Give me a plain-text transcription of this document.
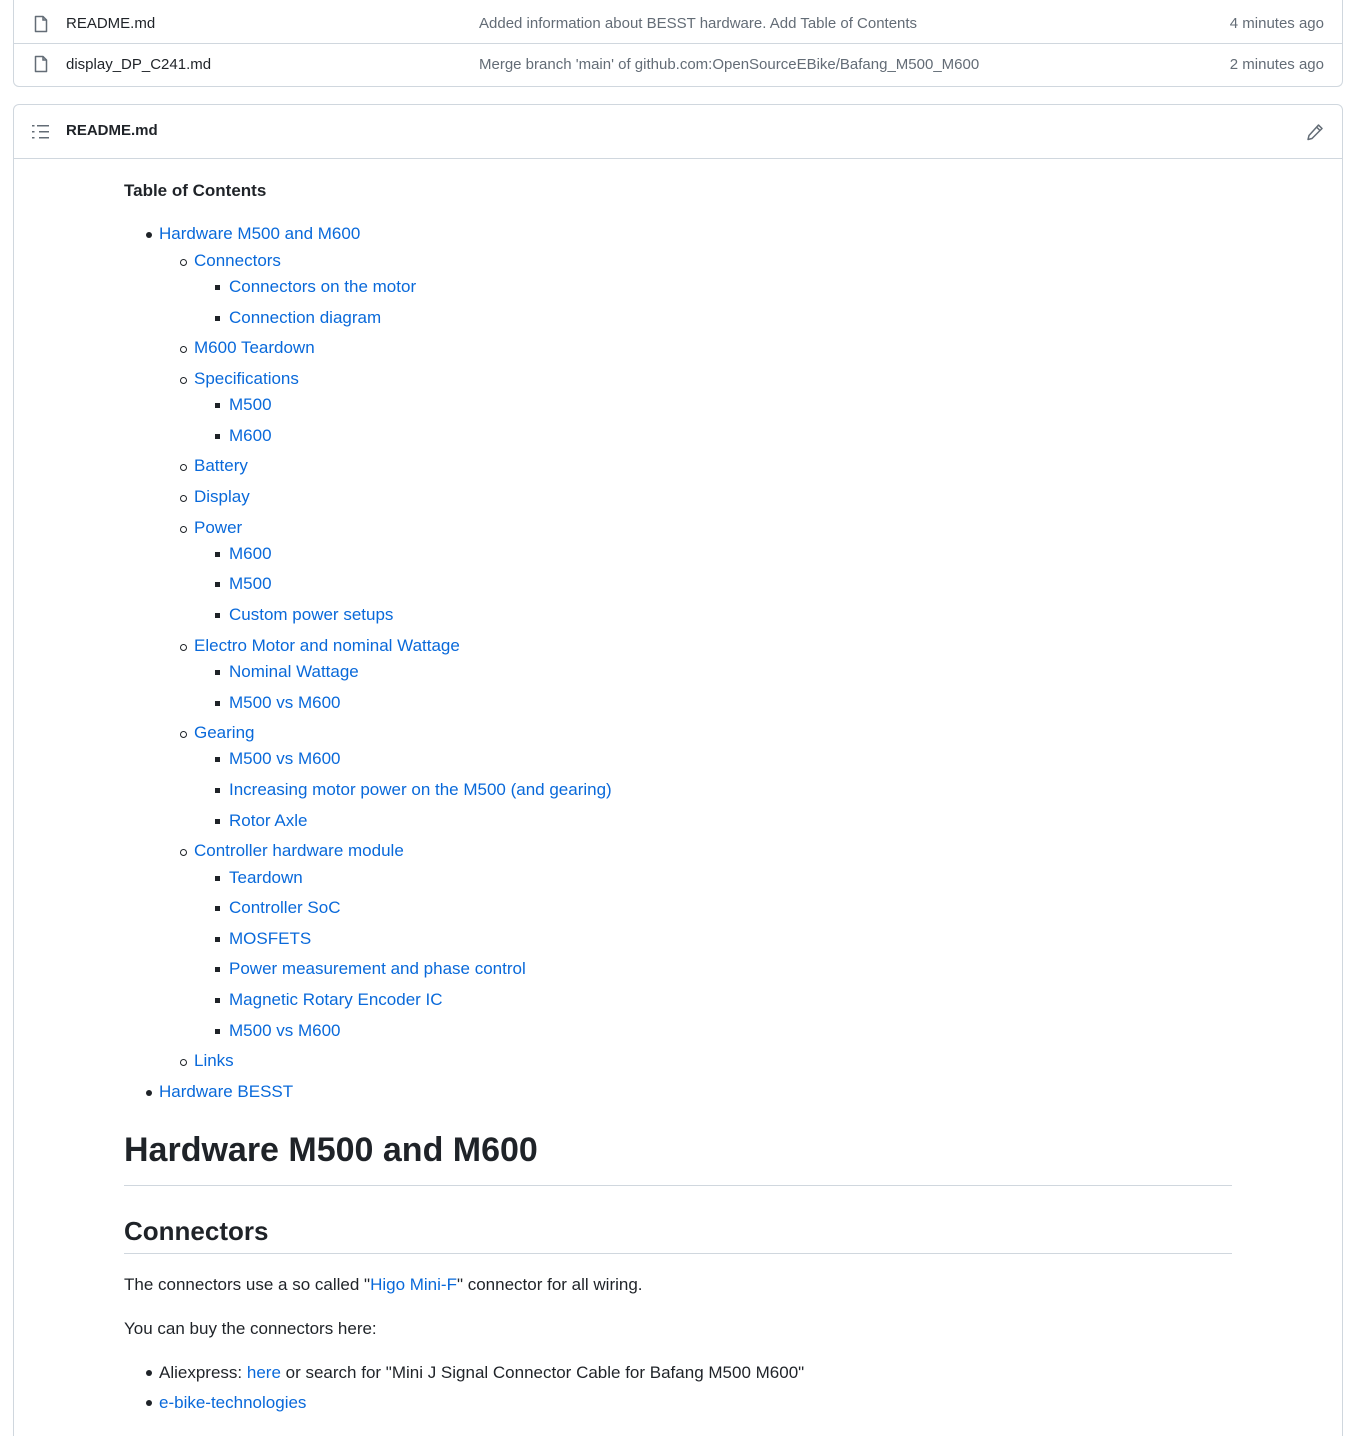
README.md	Added information about BESST hardware. Add Table of Contents	4 minutes ago
display_DP_C241.md	Merge branch 'main' of github.com:OpenSourceEBike/Bafang_M500_M600	2 minutes ago
README.md
Table of Contents
Hardware M500 and M600
Connectors
Connectors on the motor
Connection diagram
M600 Teardown
Specifications
M500
M600
Battery
Display
Power
M600
M500
Custom power setups
Electro Motor and nominal Wattage
Nominal Wattage
M500 vs M600
Gearing
M500 vs M600
Increasing motor power on the M500 (and gearing)
Rotor Axle
Controller hardware module
Teardown
Controller SoC
MOSFETS
Power measurement and phase control
Magnetic Rotary Encoder IC
M500 vs M600
Links
Hardware BESST
Hardware M500 and M600
Connectors

The connectors use a so called "Higo Mini-F" connector for all wiring.

You can buy the connectors here:

Aliexpress: here or search for "Mini J Signal Connector Cable for Bafang M500 M600"
e-bike-technologies
